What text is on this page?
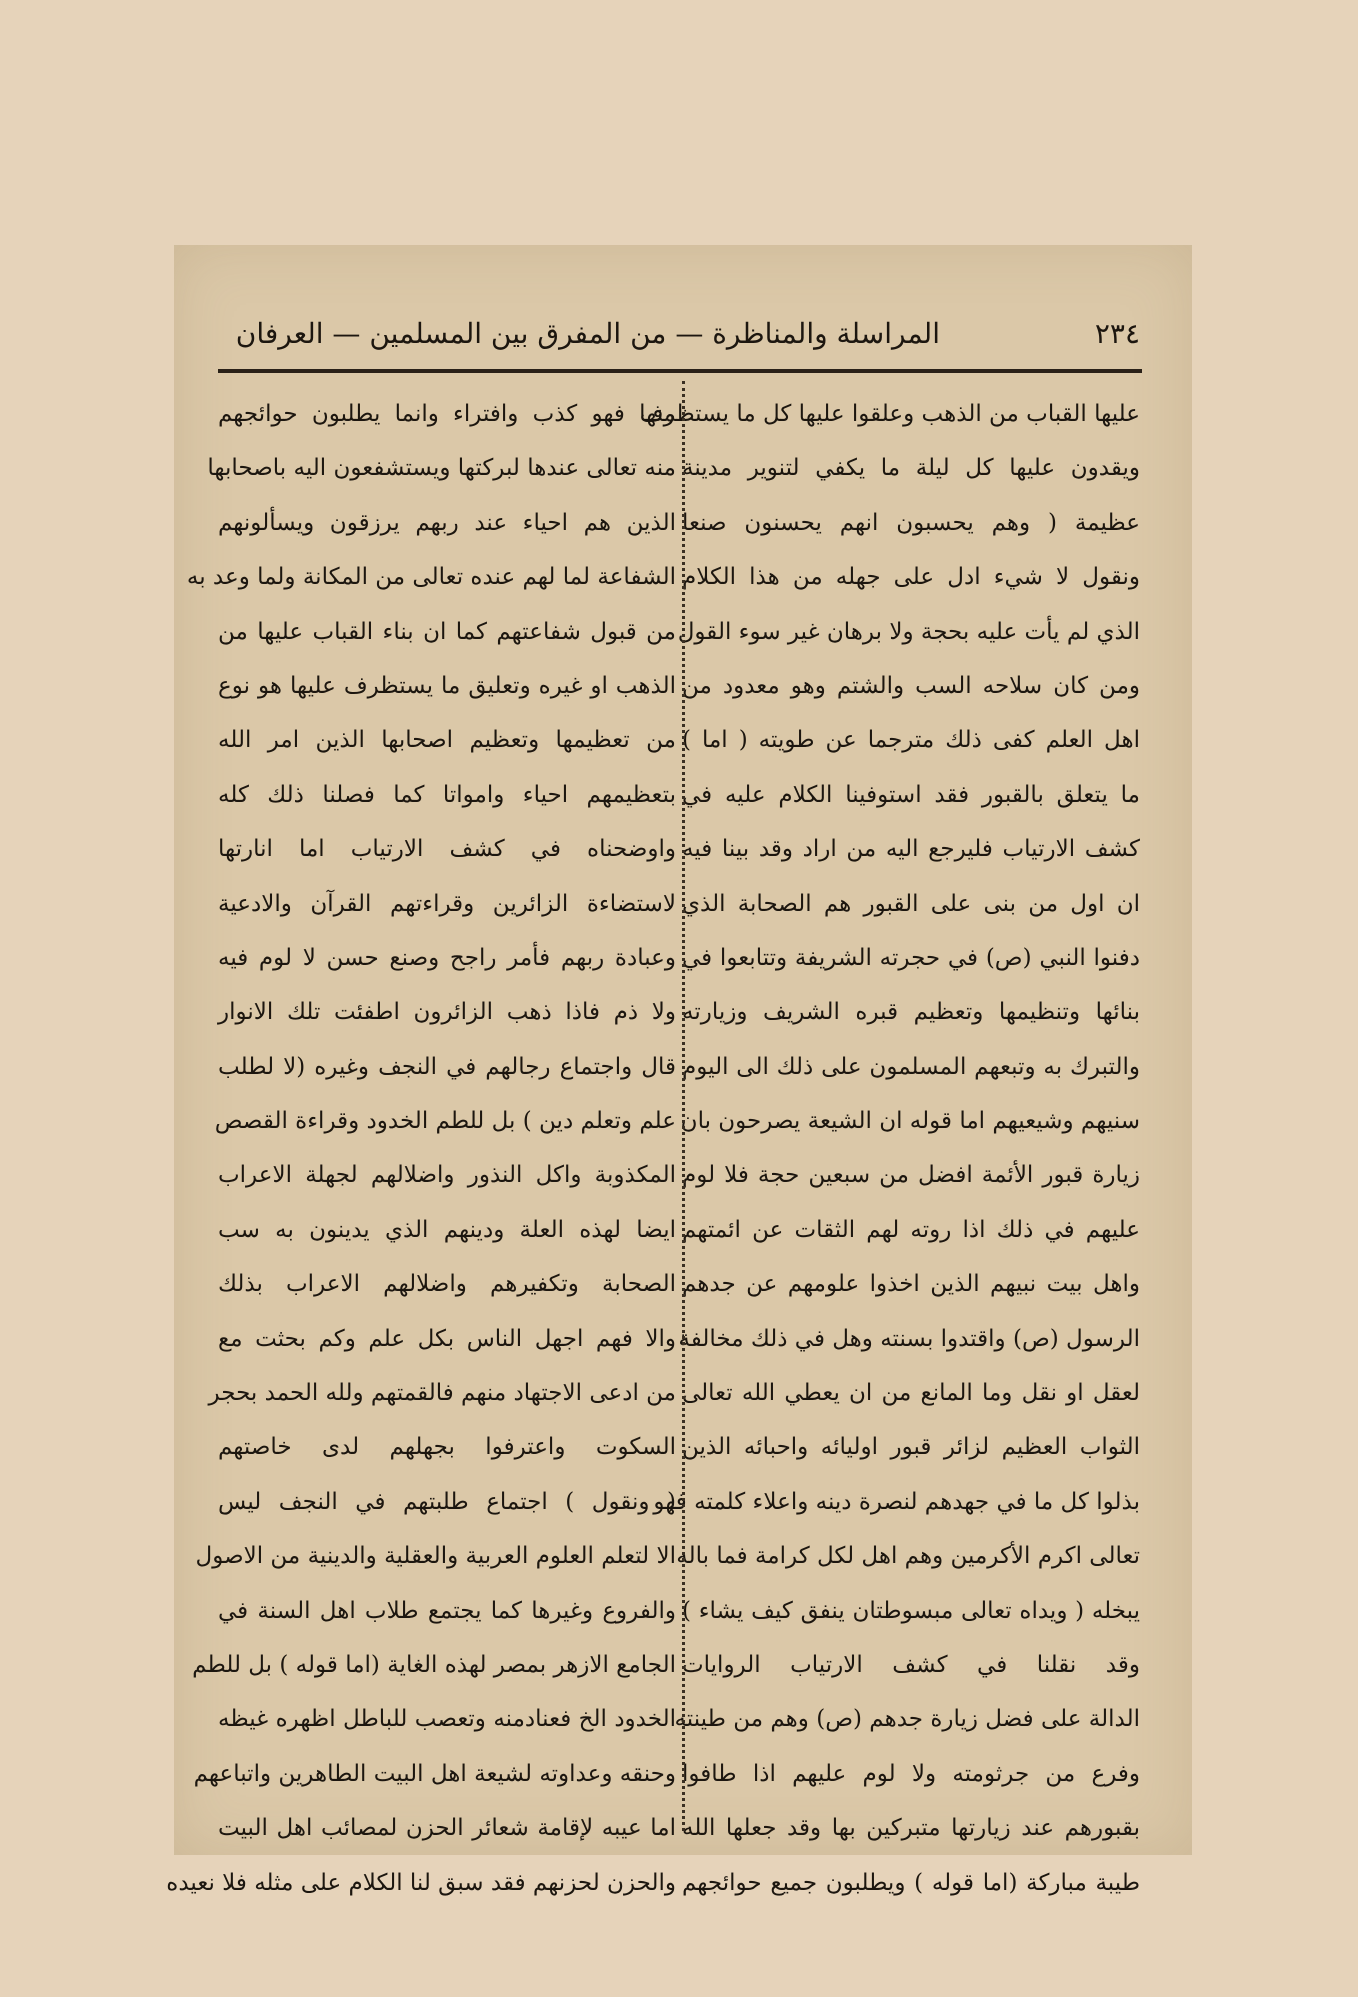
٢٣٤
المراسلة والمناظرة — من المفرق بين المسلمين — العرفان
عليها القباب من الذهب وعلقوا عليها كل ما يستظرف
ويقدون عليها كل ليلة ما يكفي لتنوير مدينة
عظيمة ( وهم يحسبون انهم يحسنون صنعا
ونقول لا شيء ادل على جهله من هذا الكلام
الذي لم يأت عليه بحجة ولا برهان غير سوء القول
ومن كان سلاحه السب والشتم وهو معدود من
اهل العلم كفى ذلك مترجما عن طويته ( اما )
ما يتعلق بالقبور فقد استوفينا الكلام عليه في
كشف الارتياب فليرجع اليه من اراد وقد بينا فيه
ان اول من بنى على القبور هم الصحابة الذي
دفنوا النبي (ص) في حجرته الشريفة وتتابعوا في
بنائها وتنظيمها وتعظيم قبره الشريف وزيارته
والتبرك به وتبعهم المسلمون على ذلك الى اليوم
سنيهم وشيعيهم اما قوله ان الشيعة يصرحون بان
زيارة قبور الأئمة افضل من سبعين حجة فلا لوم
عليهم في ذلك اذا روته لهم الثقات عن ائمتهم
واهل بيت نبيهم الذين اخذوا علومهم عن جدهم
الرسول (ص) واقتدوا بسنته وهل في ذلك مخالفة
لعقل او نقل وما المانع من ان يعطي الله تعالى
الثواب العظيم لزائر قبور اوليائه واحبائه الذين
بذلوا كل ما في جهدهم لنصرة دينه واعلاء كلمته فهو
تعالى اكرم الأكرمين وهم اهل لكل كرامة فما باله
يبخله ( ويداه تعالى مبسوطتان ينفق كيف يشاء )
وقد نقلنا في كشف الارتياب الروايات
الدالة على فضل زيارة جدهم (ص) وهم من طينته
وفرع من جرثومته ولا لوم عليهم اذا طافوا
بقبورهم عند زيارتها متبركين بها وقد جعلها الله
طيبة مباركة (اما قوله ) ويطلبون جميع حوائجهم
منها فهو كذب وافتراء وانما يطلبون حوائجهم
منه تعالى عندها لبركتها ويستشفعون اليه باصحابها
الذين هم احياء عند ربهم يرزقون ويسألونهم
الشفاعة لما لهم عنده تعالى من المكانة ولما وعد به
من قبول شفاعتهم كما ان بناء القباب عليها من
الذهب او غيره وتعليق ما يستظرف عليها هو نوع
من تعظيمها وتعظيم اصحابها الذين امر الله
بتعظيمهم احياء وامواتا كما فصلنا ذلك كله
واوضحناه في كشف الارتياب اما انارتها
لاستضاءة الزائرين وقراءتهم القرآن والادعية
وعبادة ربهم فأمر راجح وصنع حسن لا لوم فيه
ولا ذم فاذا ذهب الزائرون اطفئت تلك الانوار
قال واجتماع رجالهم في النجف وغيره (لا لطلب
علم وتعلم دين ) بل للطم الخدود وقراءة القصص
المكذوبة واكل النذور واضلالهم لجهلة الاعراب
ايضا لهذه العلة ودينهم الذي يدينون به سب
الصحابة وتكفيرهم واضلالهم الاعراب بذلك
والا فهم اجهل الناس بكل علم وكم بحثت مع
من ادعى الاجتهاد منهم فالقمتهم ولله الحمد بحجر
السكوت واعترفوا بجهلهم لدى خاصتهم
( ونقول ) اجتماع طلبتهم في النجف ليس
الا لتعلم العلوم العربية والعقلية والدينية من الاصول
والفروع وغيرها كما يجتمع طلاب اهل السنة في
الجامع الازهر بمصر لهذه الغاية (اما قوله ) بل للطم
الخدود الخ فعنادمنه وتعصب للباطل اظهره غيظه
وحنقه وعداوته لشيعة اهل البيت الطاهرين واتباعهم
اما عيبه لإقامة شعائر الحزن لمصائب اهل البيت
والحزن لحزنهم فقد سبق لنا الكلام على مثله فلا نعيده
